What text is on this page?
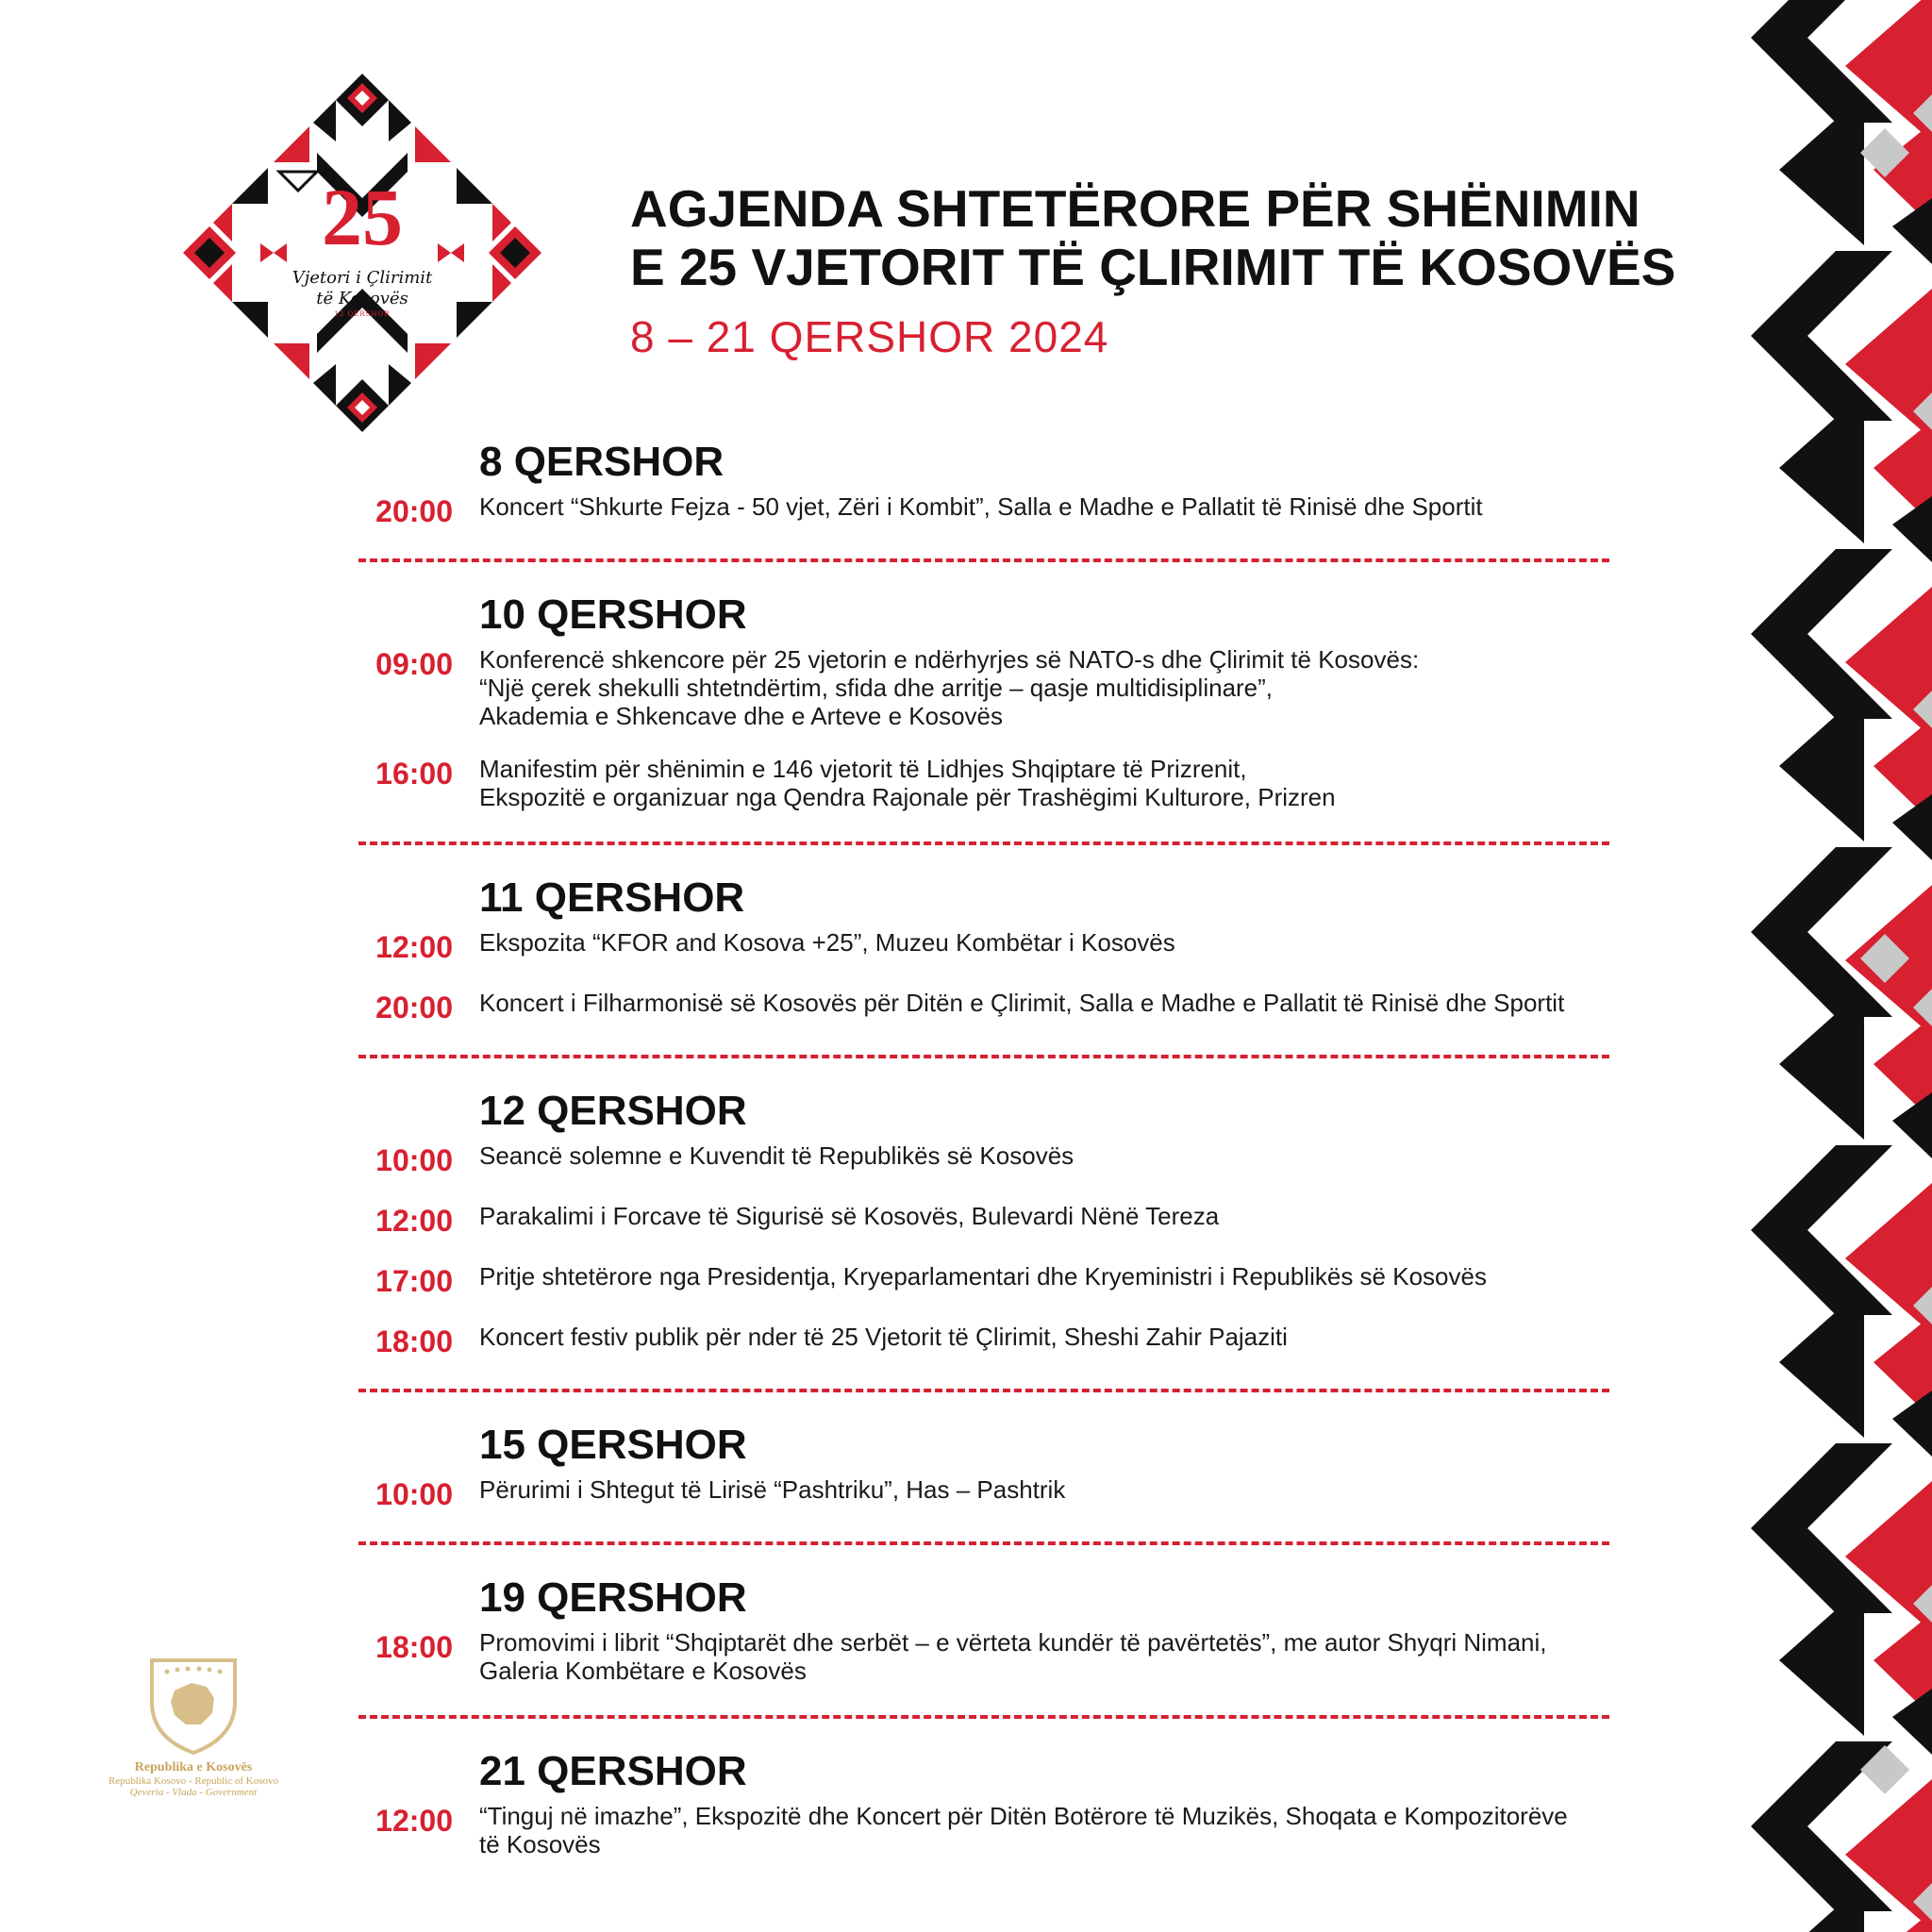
25
Vjetori i Çlirimit
të Kosovës
12 QERSHOR
AGJENDA SHTETËRORE PËR SHËNIMIN
E 25 VJETORIT TË ÇLIRIMIT TË KOSOVËS
8 – 21 QERSHOR 2024
8 QERSHOR
20:00 Koncert “Shkurte Fejza - 50 vjet, Zëri i Kombit”, Salla e Madhe e Pallatit të Rinisë dhe Sportit
10 QERSHOR
09:00 Konferencë shkencore për 25 vjetorin e ndërhyrjes së NATO-s dhe Çlirimit të Kosovës:
“Një çerek shekulli shtetndërtim, sfida dhe arritje – qasje multidisiplinare”,
Akademia e Shkencave dhe e Arteve e Kosovës
16:00 Manifestim për shënimin e 146 vjetorit të Lidhjes Shqiptare të Prizrenit,
Ekspozitë e organizuar nga Qendra Rajonale për Trashëgimi Kulturore, Prizren
11 QERSHOR
12:00 Ekspozita “KFOR and Kosova +25”, Muzeu Kombëtar i Kosovës
20:00 Koncert i Filharmonisë së Kosovës për Ditën e Çlirimit, Salla e Madhe e Pallatit të Rinisë dhe Sportit
12 QERSHOR
10:00 Seancë solemne e Kuvendit të Republikës së Kosovës
12:00 Parakalimi i Forcave të Sigurisë së Kosovës, Bulevardi Nënë Tereza
17:00 Pritje shtetërore nga Presidentja, Kryeparlamentari dhe Kryeministri i Republikës së Kosovës
18:00 Koncert festiv publik për nder të 25 Vjetorit të Çlirimit, Sheshi Zahir Pajaziti
15 QERSHOR
10:00 Përurimi i Shtegut të Lirisë “Pashtriku”, Has – Pashtrik
19 QERSHOR
18:00 Promovimi i librit “Shqiptarët dhe serbët – e vërteta kundër të pavërtetës”, me autor Shyqri Nimani,
Galeria Kombëtare e Kosovës
21 QERSHOR
12:00 “Tinguj në imazhe”, Ekspozitë dhe Koncert për Ditën Botërore të Muzikës, Shoqata e Kompozitorëve
të Kosovës
Republika e Kosovës
Republika Kosovo - Republic of Kosovo
Qeveria - Vlada - Government
